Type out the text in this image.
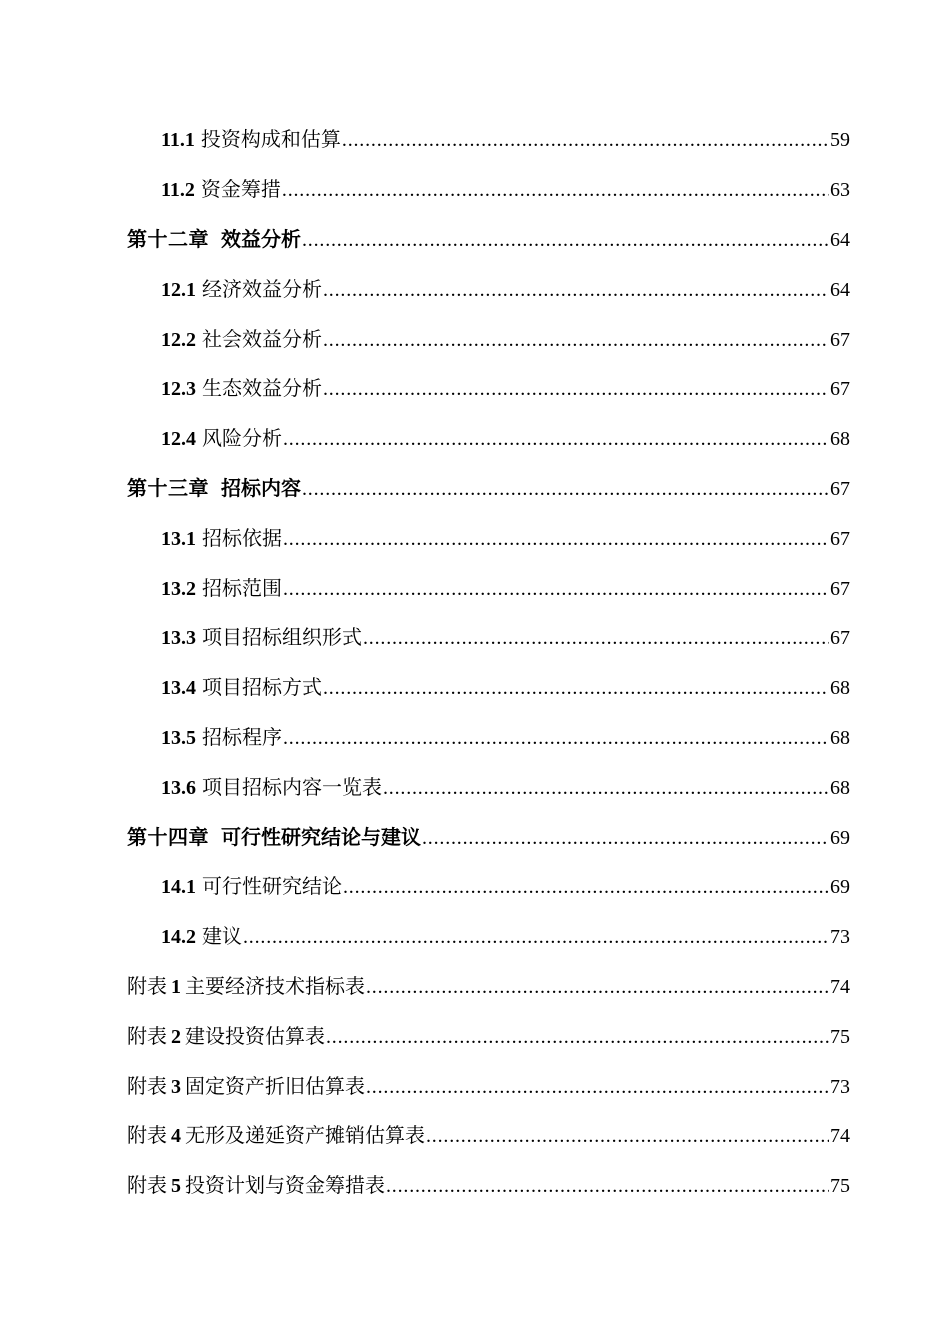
11.1 投资构成和估算 .....	59
11.2 资金筹措 .....	63
第十二章 效益分析 .....	64
12.1 经济效益分析 .....	64
12.2 社会效益分析 .....	67
12.3 生态效益分析 .....	67
12.4 风险分析 .....	68
第十三章 招标内容 .....	67
13.1 招标依据 .....	67
13.2 招标范围 .....	67
13.3 项目招标组织形式 .....	67
13.4 项目招标方式 .....	68
13.5 招标程序 .....	68
13.6 项目招标内容一览表 .....	68
第十四章 可行性研究结论与建议 .....	69
14.1 可行性研究结论 .....	69
14.2 建议 .....	73
附表 1 主要经济技术指标表 .....	74
附表 2 建设投资估算表 .....	75
附表 3 固定资产折旧估算表 .....	73
附表 4 无形及递延资产摊销估算表 .....	74
附表 5 投资计划与资金筹措表 .....	75
